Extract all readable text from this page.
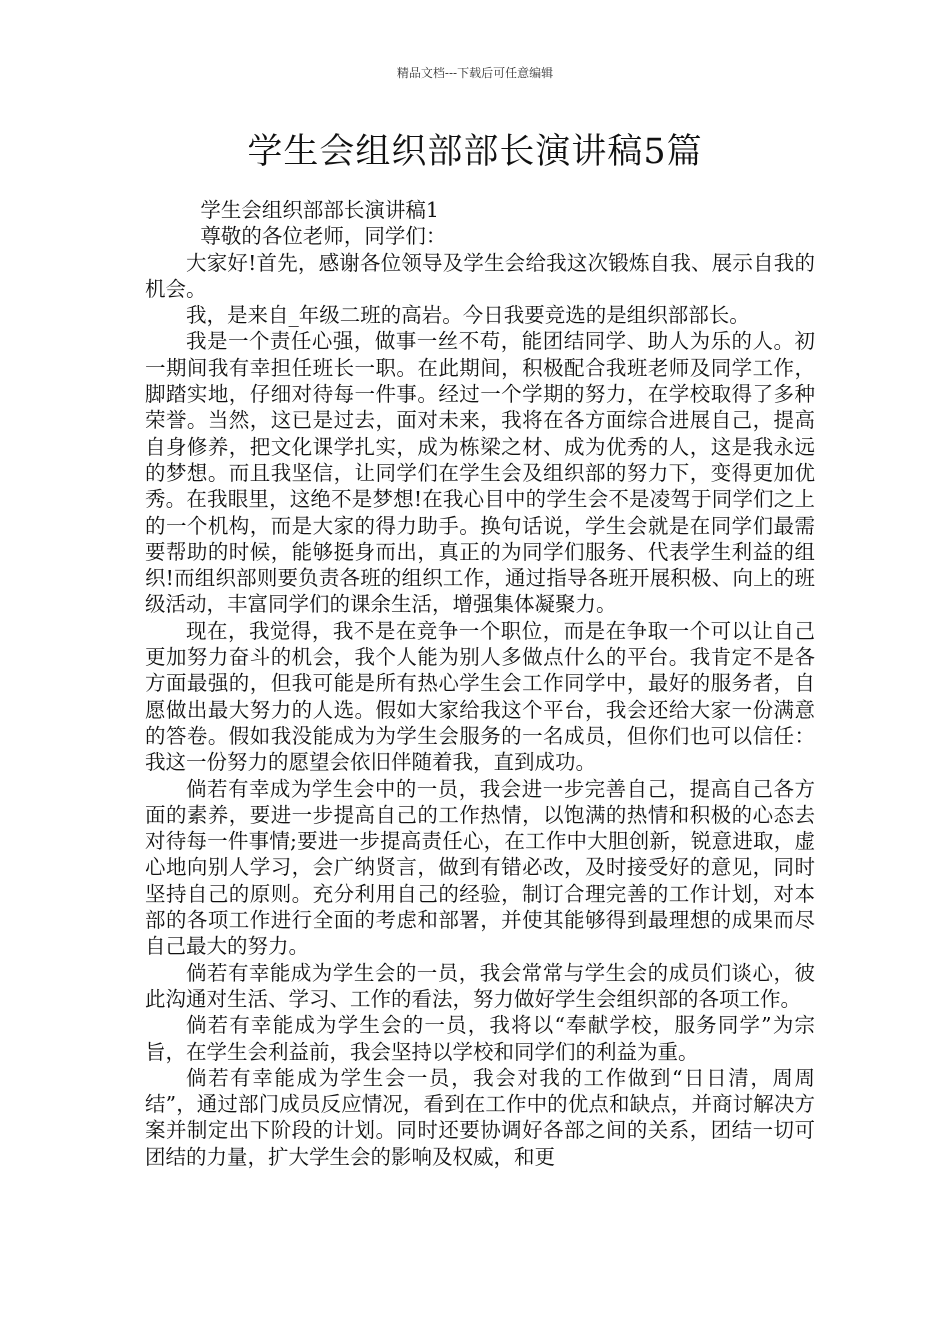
精品文档---下载后可任意编辑
学生会组织部部长演讲稿5篇

学生会组织部部长演讲稿1

尊敬的各位老师，同学们：

大家好!首先，感谢各位领导及学生会给我这次锻炼自我、展示自我的机会。

我，是来自_年级二班的高岩。今日我要竞选的是组织部部长。

我是一个责任心强，做事一丝不苟，能团结同学、助人为乐的人。初一期间我有幸担任班长一职。在此期间，积极配合我班老师及同学工作，脚踏实地，仔细对待每一件事。经过一个学期的努力，在学校取得了多种荣誉。当然，这已是过去，面对未来，我将在各方面综合进展自己，提高自身修养，把文化课学扎实，成为栋梁之材、成为优秀的人，这是我永远的梦想。而且我坚信，让同学们在学生会及组织部的努力下，变得更加优秀。在我眼里，这绝不是梦想!在我心目中的学生会不是凌驾于同学们之上的一个机构，而是大家的得力助手。换句话说，学生会就是在同学们最需要帮助的时候，能够挺身而出，真正的为同学们服务、代表学生利益的组织!而组织部则要负责各班的组织工作，通过指导各班开展积极、向上的班级活动，丰富同学们的课余生活，增强集体凝聚力。

现在，我觉得，我不是在竞争一个职位，而是在争取一个可以让自己更加努力奋斗的机会，我个人能为别人多做点什么的平台。我肯定不是各方面最强的，但我可能是所有热心学生会工作同学中，最好的服务者，自愿做出最大努力的人选。假如大家给我这个平台，我会还给大家一份满意的答卷。假如我没能成为为学生会服务的一名成员，但你们也可以信任：我这一份努力的愿望会依旧伴随着我，直到成功。

倘若有幸成为学生会中的一员，我会进一步完善自己，提高自己各方面的素养，要进一步提高自己的工作热情，以饱满的热情和积极的心态去对待每一件事情;要进一步提高责任心，在工作中大胆创新，锐意进取，虚心地向别人学习，会广纳贤言，做到有错必改，及时接受好的意见，同时坚持自己的原则。充分利用自己的经验，制订合理完善的工作计划，对本部的各项工作进行全面的考虑和部署，并使其能够得到最理想的成果而尽自己最大的努力。

倘若有幸能成为学生会的一员，我会常常与学生会的成员们谈心，彼此沟通对生活、学习、工作的看法，努力做好学生会组织部的各项工作。

倘若有幸能成为学生会的一员，我将以“奉献学校，服务同学”为宗旨，在学生会利益前，我会坚持以学校和同学们的利益为重。

倘若有幸能成为学生会一员，我会对我的工作做到“日日清，周周结”，通过部门成员反应情况，看到在工作中的优点和缺点，并商讨解决方案并制定出下阶段的计划。同时还要协调好各部之间的关系，团结一切可团结的力量，扩大学生会的影响及权威，和更
